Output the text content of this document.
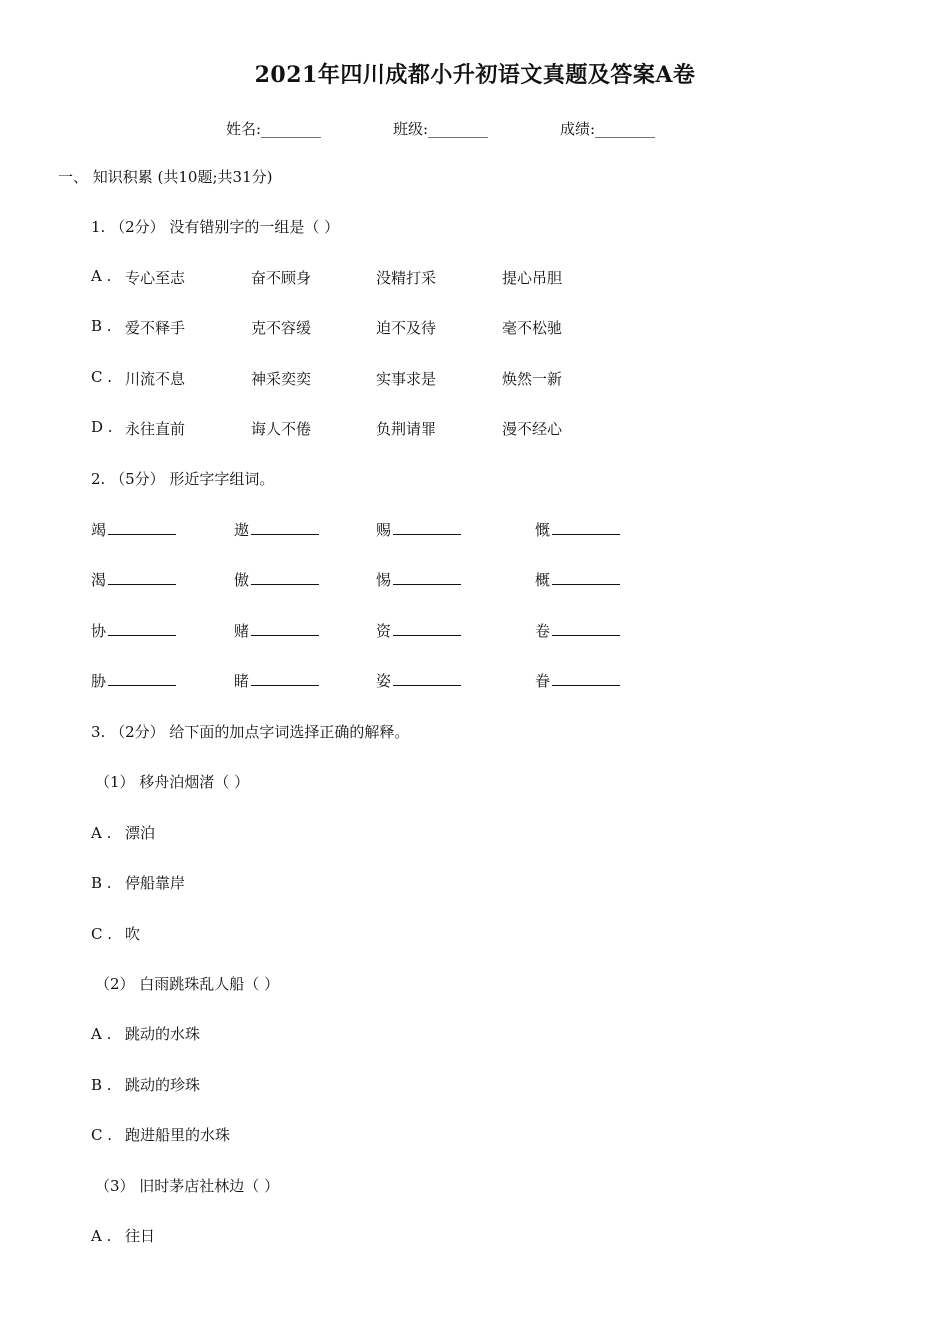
2021年四川成都小升初语文真题及答案A卷
姓名:________	班级:________	成绩:________
一、 知识积累 (共10题;共31分)
1. （2分） 没有错别字的一组是（ ）
A . 专心至志	奋不顾身	没精打采	提心吊胆
B . 爱不释手	克不容缓	迫不及待	毫不松驰
C . 川流不息	神采奕奕	实事求是	焕然一新
D . 永往直前	诲人不倦	负荆请罪	漫不经心
2. （5分） 形近字字组词。
竭	遨	赐	慨
渴	傲	惕	概
协	赌	资	卷
胁	睹	姿	眷
3. （2分） 给下面的加点字词选择正确的解释。
（1） 移舟泊烟渚（ ）
A . 漂泊
B . 停船靠岸
C . 吹
（2） 白雨跳珠乱人船（ ）
A . 跳动的水珠
B . 跳动的珍珠
C . 跑进船里的水珠
（3） 旧时茅店社林边（ ）
A . 往日
